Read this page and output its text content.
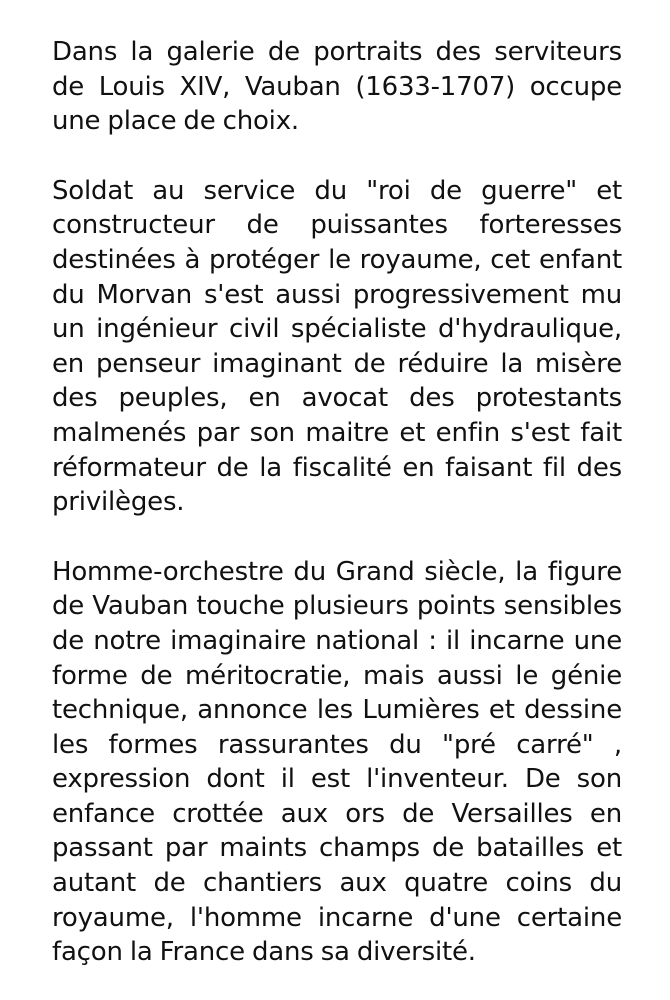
Dans la galerie de portraits des serviteurs de Louis XIV, Vauban (1633-1707) occupe une place de choix.

Soldat au service du "roi de guerre" et constructeur de puissantes forteresses destinées à protéger le royaume, cet enfant du Morvan s'est aussi progressivement mu un ingénieur civil spécialiste d'hydraulique, en penseur imaginant de réduire la misère des peuples, en avocat des protestants malmenés par son maitre et enfin s'est fait réformateur de la fiscalité en faisant fil des privilèges.

Homme-orchestre du Grand siècle, la figure de Vauban touche plusieurs points sensibles de notre imaginaire national : il incarne une forme de méritocratie, mais aussi le génie technique, annonce les Lumières et dessine les formes rassurantes du "pré carré" , expression dont il est l'inventeur. De son enfance crottée aux ors de Versailles en passant par maints champs de batailles et autant de chantiers aux quatre coins du royaume, l'homme incarne d'une certaine façon la France dans sa diversité.
